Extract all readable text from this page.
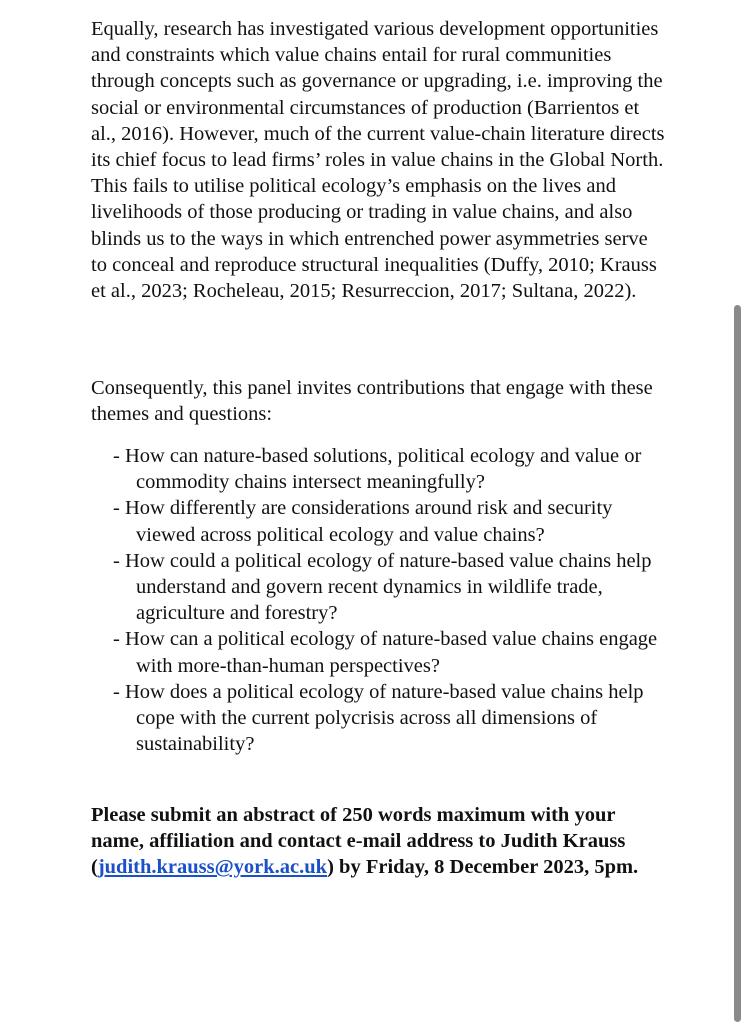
Equally, research has investigated various development opportunities and constraints which value chains entail for rural communities through concepts such as governance or upgrading, i.e. improving the social or environmental circumstances of production (Barrientos et al., 2016). However, much of the current value-chain literature directs its chief focus to lead firms’ roles in value chains in the Global North. This fails to utilise political ecology’s emphasis on the lives and livelihoods of those producing or trading in value chains, and also blinds us to the ways in which entrenched power asymmetries serve to conceal and reproduce structural inequalities (Duffy, 2010; Krauss et al., 2023; Rocheleau, 2015; Resurreccion, 2017; Sultana, 2022).

Consequently, this panel invites contributions that engage with these themes and questions:

- How can nature-based solutions, political ecology and value or commodity chains intersect meaningfully?
- How differently are considerations around risk and security viewed across political ecology and value chains?
- How could a political ecology of nature-based value chains help understand and govern recent dynamics in wildlife trade, agriculture and forestry?
- How can a political ecology of nature-based value chains engage with more-than-human perspectives?
- How does a political ecology of nature-based value chains help cope with the current polycrisis across all dimensions of sustainability?

Please submit an abstract of 250 words maximum with your name, affiliation and contact e-mail address to Judith Krauss (judith.krauss@york.ac.uk) by Friday, 8 December 2023, 5pm.
